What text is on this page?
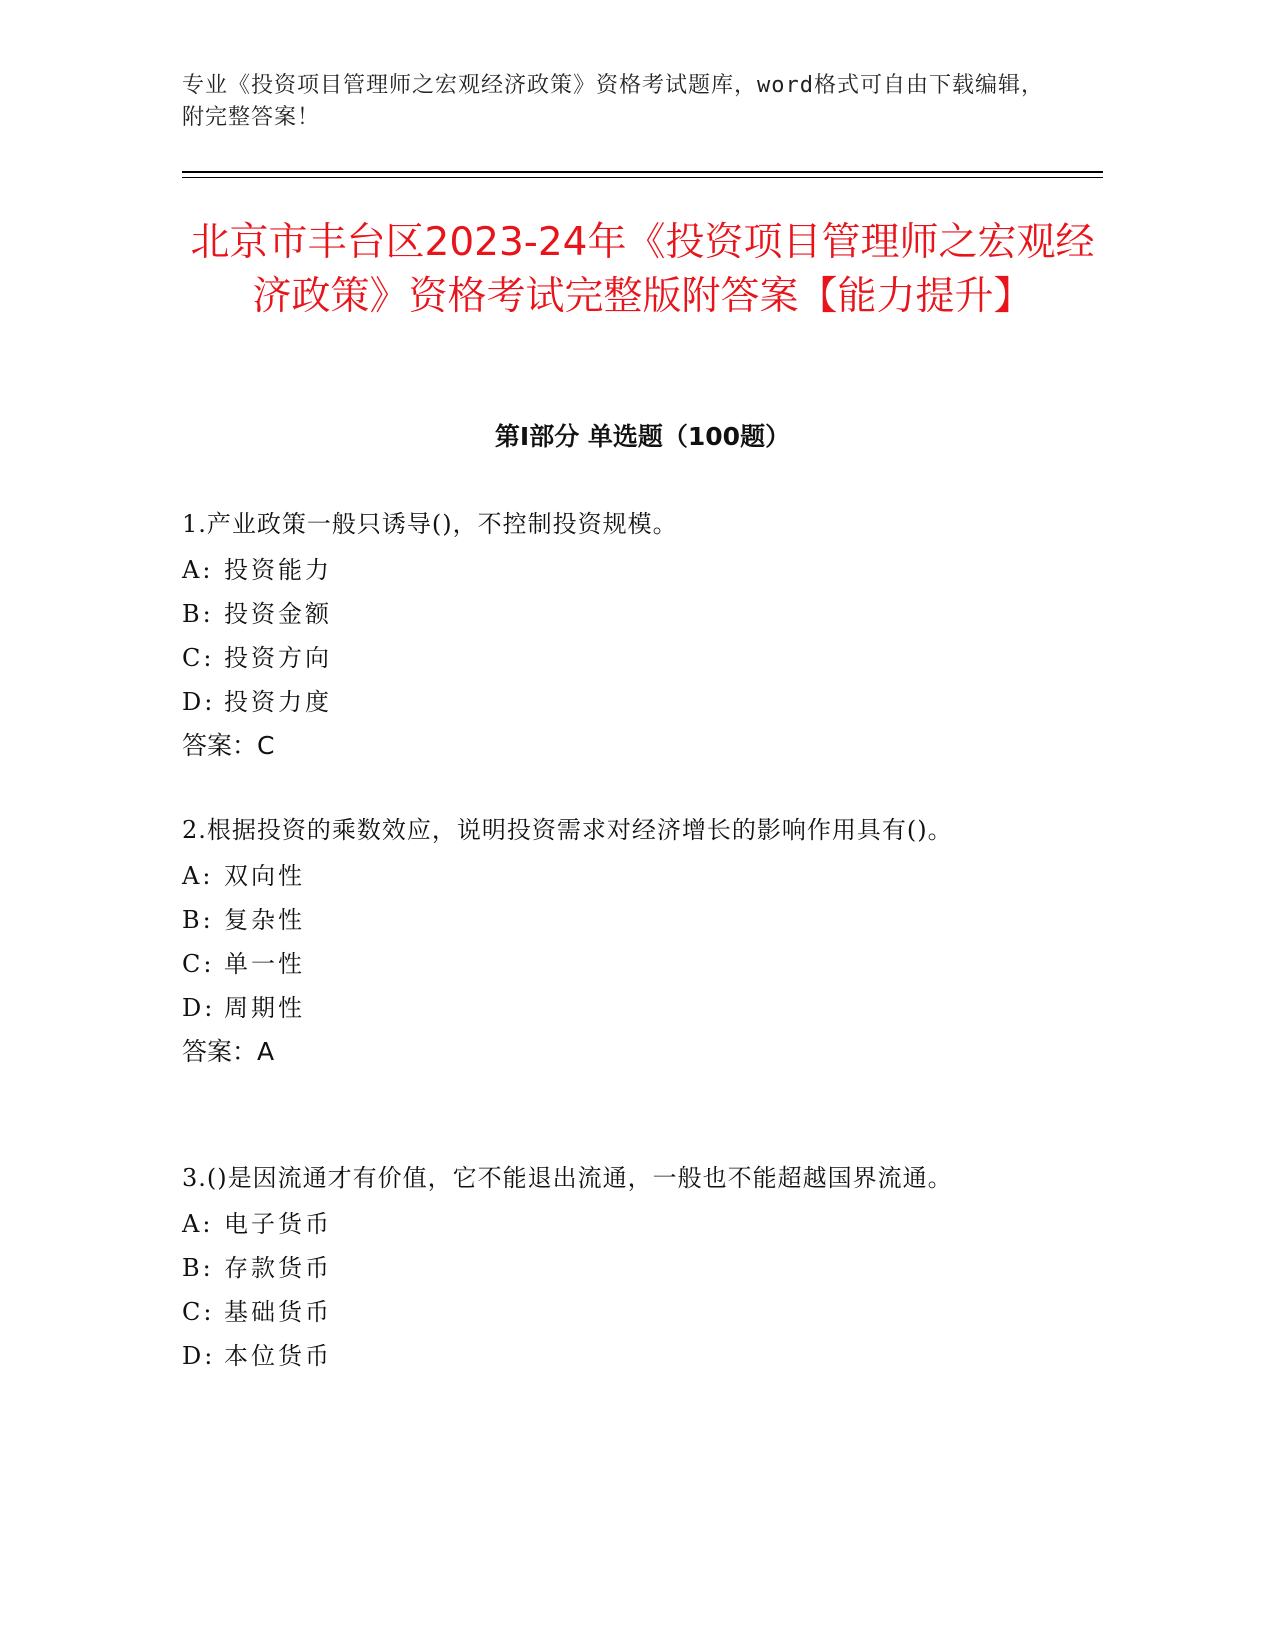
专业《投资项目管理师之宏观经济政策》资格考试题库，word格式可自由下载编辑，附完整答案！
北京市丰台区2023-24年《投资项目管理师之宏观经济政策》资格考试完整版附答案【能力提升】
第Ⅰ部分 单选题（100题）

1.产业政策一般只诱导()，不控制投资规模。

A: 投资能力

B: 投资金额

C: 投资方向

D: 投资力度

答案：C

2.根据投资的乘数效应，说明投资需求对经济增长的影响作用具有()。

A: 双向性

B: 复杂性

C: 单一性

D: 周期性

答案：A

3.()是因流通才有价值，它不能退出流通，一般也不能超越国界流通。

A: 电子货币

B: 存款货币

C: 基础货币

D: 本位货币
